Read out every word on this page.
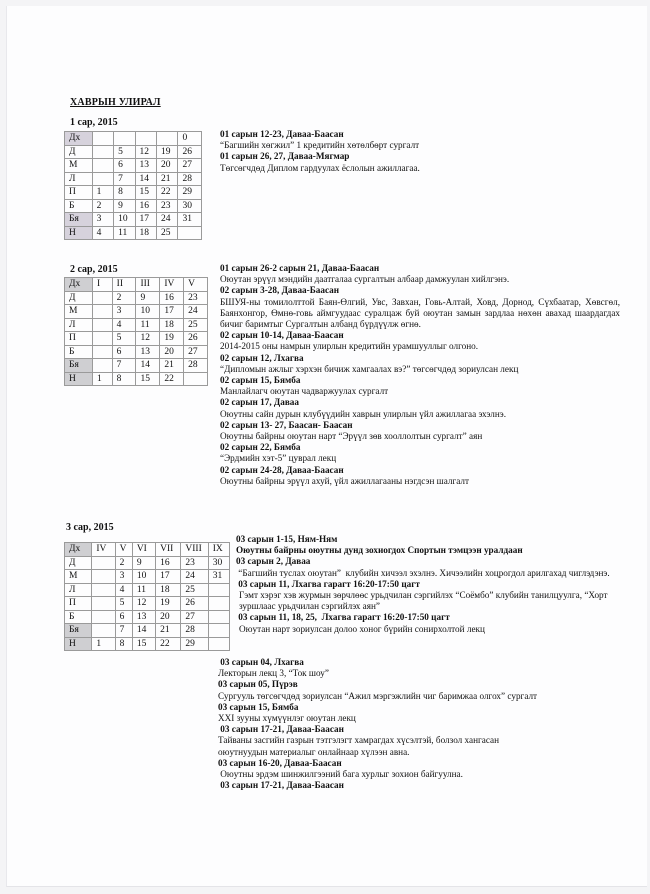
ХАВРЫН УЛИРАЛ
1 сар, 2015
Дх					0
Д		5	12	19	26
М		6	13	20	27
Л		7	14	21	28
П	1	8	15	22	29
Б	2	9	16	23	30
Бя	3	10	17	24	31
Н	4	11	18	25	
01 сарын 12-23, Даваа-Баасан
“Багшийн хөгжил” 1 кредитийн хөтөлбөрт сургалт
01 сарын 26, 27, Даваа-Мягмар
Төгсөгчдөд Диплом гардуулах ёслолын ажиллагаа.
2 сар, 2015
Дх	I	II	III	IV	V
Д		2	9	16	23
М		3	10	17	24
Л		4	11	18	25
П		5	12	19	26
Б		6	13	20	27
Бя		7	14	21	28
Н	1	8	15	22	
01 сарын 26-2 сарын 21, Даваа-Баасан
Оюутан эрүүл мэндийн даатгалаа сургалтын албаар дамжуулан хийлгэнэ.
02 сарын 3-28, Даваа-Баасан
БШУЯ-ны томилолттой Баян-Өлгий, Увс, Завхан, Говь-Алтай, Ховд, Дорнод, Сүхбаатар, Хөвсгөл, Баянхонгор, Өмнө-говь аймгуудаас суралцаж буй оюутан замын зардлаа нөхөн авахад шаардагдах бичиг баримтыг Сургалтын албанд бүрдүүлж өгнө.
02 сарын 10-14, Даваа-Баасан
2014-2015 оны намрын улирлын кредитийн урамшууллыг олгоно.
02 сарын 12, Лхагва
“Дипломын ажлыг хэрхэн бичиж хамгаалах вэ?” төгсөгчдөд зориулсан лекц
02 сарын 15, Бямба
Манлайлагч оюутан чадваржуулах сургалт
02 сарын 17, Даваа
Оюутны сайн дурын клубүүдийн хаврын улирлын үйл ажиллагаа эхэлнэ.
02 сарын 13- 27, Баасан- Баасан
Оюутны байрны оюутан нарт “Эрүүл зөв хооллолтын сургалт” аян
02 сарын 22, Бямба
“Эрдмийн хэт-5” цуврал лекц
02 сарын 24-28, Даваа-Баасан
Оюутны байрны эрүүл ахуй, үйл ажиллагааны нэгдсэн шалгалт
3 сар, 2015
Дх	IV	V	VI	VII	VIII	IX
Д		2	9	16	23	30
М		3	10	17	24	31
Л		4	11	18	25	
П		5	12	19	26	
Б		6	13	20	27	
Бя		7	14	21	28	
Н	1	8	15	22	29	
03 сарын 1-15, Ням-Ням
Оюутны байрны оюутны дунд зохиогдох Спортын тэмцээн уралдаан
03 сарын 2, Даваа
“Багшийн туслах оюутан”  клубийн хичээл эхэлнэ. Хичээлийн хоцрогдол арилгахад чиглэдэнэ.
03 сарын 11, Лхагва гарагт 16:20-17:50 цагт
Гэмт хэрэг хэв журмын зөрчлөөс урьдчилан сэргийлэх “Соёмбо” клубийн танилцуулга, “Хорт зуршлаас урьдчилан сэргийлэх аян”
03 сарын 11, 18, 25,  Лхагва гарагт 16:20-17:50 цагт
Оюутан нарт зориулсан долоо хоног бүрийн сонирхолтой лекц
03 сарын 04, Лхагва
Лекторын лекц 3, “Ток шоу”
03 сарын 05, Пүрэв
Сургууль төгсөгчдөд зориулсан “Ажил мэргэжлийн чиг баримжаа олгох” сургалт
03 сарын 15, Бямба
XXI зууны хүмүүнлэг оюутан лекц
03 сарын 17-21, Даваа-Баасан
Тайваны засгийн газрын тэтгэлэгт хамрагдах хүсэлтэй, болзол хангасан оюутнуудын материалыг онлайнаар хүлээн авна.
03 сарын 16-20, Даваа-Баасан
Оюутны эрдэм шинжилгээний бага хурлыг зохион байгуулна.
03 сарын 17-21, Даваа-Баасан
